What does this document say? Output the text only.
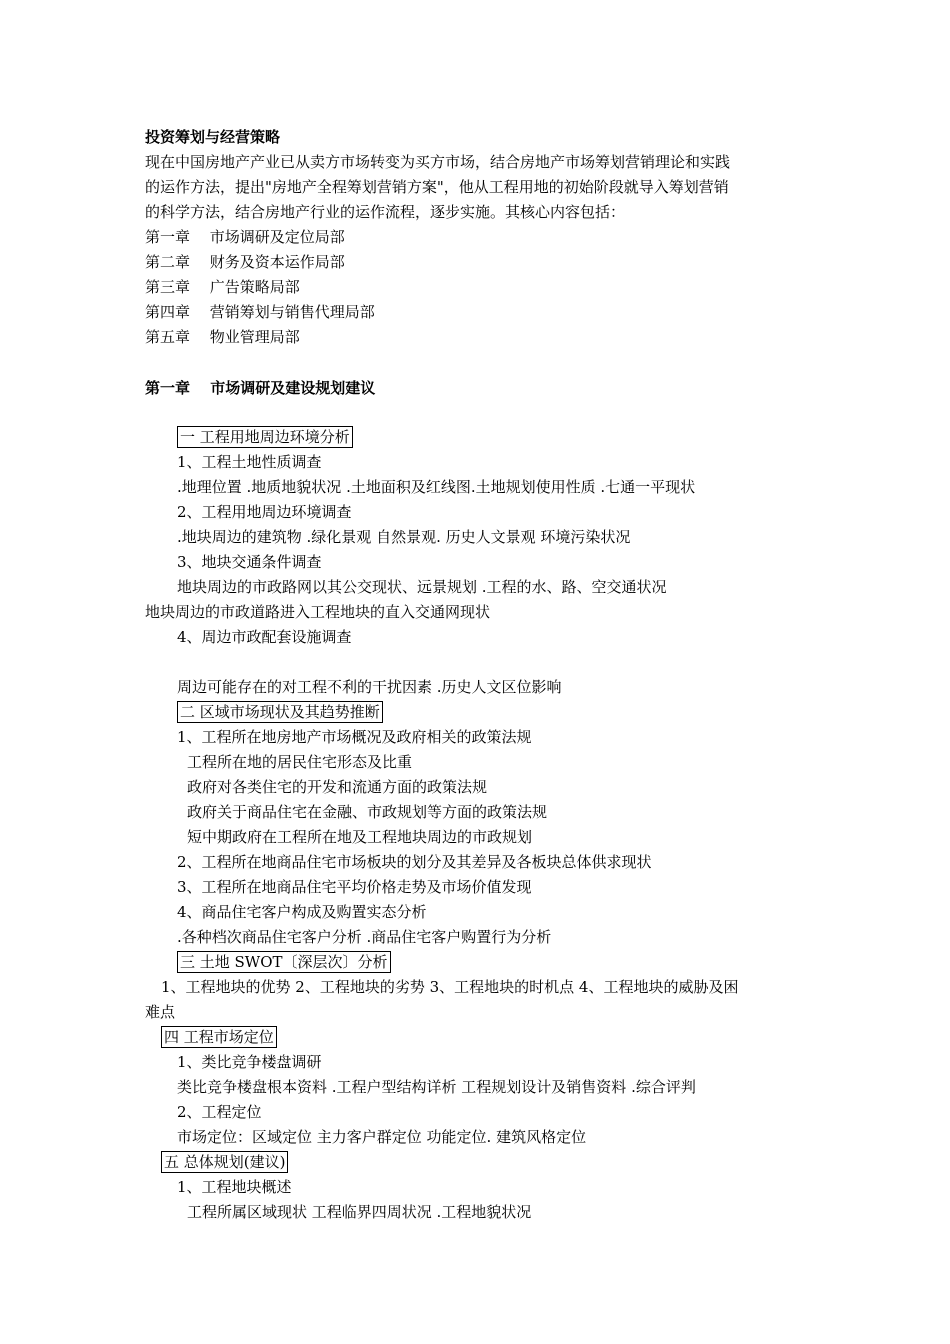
投资筹划与经营策略
现在中国房地产产业已从卖方市场转变为买方市场，结合房地产市场筹划营销理论和实践
的运作方法，提出"房地产全程筹划营销方案"，他从工程用地的初始阶段就导入筹划营销
的科学方法，结合房地产行业的运作流程，逐步实施。其核心内容包括：
第一章　 市场调研及定位局部
第二章　 财务及资本运作局部
第三章　 广告策略局部
第四章　 营销筹划与销售代理局部
第五章　 物业管理局部
第一章　 市场调研及建设规划建议
一 工程用地周边环境分析
1、工程土地性质调查
.地理位置 .地质地貌状况 .土地面积及红线图.土地规划使用性质 .七通一平现状
2、工程用地周边环境调查
.地块周边的建筑物 .绿化景观 自然景观. 历史人文景观 环境污染状况
3、地块交通条件调查
地块周边的市政路网以其公交现状、远景规划 .工程的水、路、空交通状况
地块周边的市政道路进入工程地块的直入交通网现状
4、周边市政配套设施调查
周边可能存在的对工程不利的干扰因素 .历史人文区位影响
二 区域市场现状及其趋势推断
1、工程所在地房地产市场概况及政府相关的政策法规
工程所在地的居民住宅形态及比重
政府对各类住宅的开发和流通方面的政策法规
政府关于商品住宅在金融、市政规划等方面的政策法规
短中期政府在工程所在地及工程地块周边的市政规划
2、工程所在地商品住宅市场板块的划分及其差异及各板块总体供求现状
3、工程所在地商品住宅平均价格走势及市场价值发现
4、商品住宅客户构成及购置实态分析
.各种档次商品住宅客户分析 .商品住宅客户购置行为分析
三 土地 SWOT〔深层次〕分析
1、工程地块的优势 2、工程地块的劣势 3、工程地块的时机点 4、工程地块的威胁及困
难点
四 工程市场定位
1、类比竞争楼盘调研
类比竞争楼盘根本资料 .工程户型结构详析 工程规划设计及销售资料 .综合评判
2、工程定位
市场定位：区域定位 主力客户群定位 功能定位. 建筑风格定位
五 总体规划(建议)
1、工程地块概述
工程所属区域现状 工程临界四周状况 .工程地貌状况
